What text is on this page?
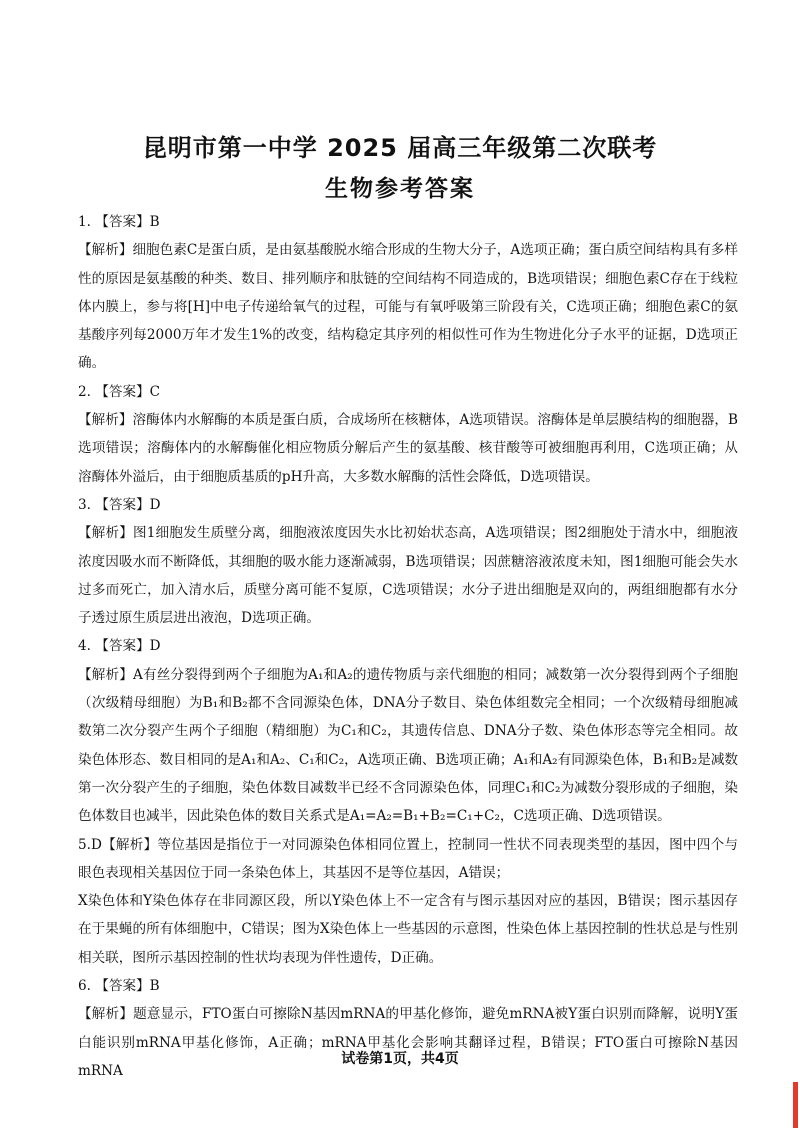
昆明市第一中学 2025 届高三年级第二次联考
生物参考答案

1. 【答案】B

【解析】细胞色素C是蛋白质，是由氨基酸脱水缩合形成的生物大分子，A选项正确；蛋白质空间结构具有多样性的原因是氨基酸的种类、数目、排列顺序和肽链的空间结构不同造成的，B选项错误；细胞色素C存在于线粒体内膜上，参与将[H]中电子传递给氧气的过程，可能与有氧呼吸第三阶段有关，C选项正确；细胞色素C的氨基酸序列每2000万年才发生1%的改变，结构稳定其序列的相似性可作为生物进化分子水平的证据，D选项正确。

2. 【答案】C

【解析】溶酶体内水解酶的本质是蛋白质，合成场所在核糖体，A选项错误。溶酶体是单层膜结构的细胞器，B选项错误；溶酶体内的水解酶催化相应物质分解后产生的氨基酸、核苷酸等可被细胞再利用，C选项正确；从溶酶体外溢后，由于细胞质基质的pH升高，大多数水解酶的活性会降低，D选项错误。

3. 【答案】D

【解析】图1细胞发生质壁分离，细胞液浓度因失水比初始状态高，A选项错误；图2细胞处于清水中，细胞液浓度因吸水而不断降低，其细胞的吸水能力逐渐减弱，B选项错误；因蔗糖溶液浓度未知，图1细胞可能会失水过多而死亡，加入清水后，质壁分离可能不复原，C选项错误；水分子进出细胞是双向的，两组细胞都有水分子透过原生质层进出液泡，D选项正确。

4. 【答案】D

【解析】A有丝分裂得到两个子细胞为A₁和A₂的遗传物质与亲代细胞的相同；减数第一次分裂得到两个子细胞（次级精母细胞）为B₁和B₂都不含同源染色体，DNA分子数目、染色体组数完全相同；一个次级精母细胞减数第二次分裂产生两个子细胞（精细胞）为C₁和C₂，其遗传信息、DNA分子数、染色体形态等完全相同。故染色体形态、数目相同的是A₁和A₂、C₁和C₂，A选项正确、B选项正确；A₁和A₂有同源染色体，B₁和B₂是减数第一次分裂产生的子细胞，染色体数目减数半已经不含同源染色体，同理C₁和C₂为减数分裂形成的子细胞，染色体数目也减半，因此染色体的数目关系式是A₁=A₂=B₁+B₂=C₁+C₂，C选项正确、D选项错误。

5.D【解析】等位基因是指位于一对同源染色体相同位置上，控制同一性状不同表现类型的基因，图中四个与眼色表现相关基因位于同一条染色体上，其基因不是等位基因，A错误；

X染色体和Y染色体存在非同源区段，所以Y染色体上不一定含有与图示基因对应的基因，B错误；图示基因存在于果蝇的所有体细胞中，C错误；图为X染色体上一些基因的示意图，性染色体上基因控制的性状总是与性别相关联，图所示基因控制的性状均表现为伴性遗传，D正确。

6. 【答案】B

【解析】题意显示，FTO蛋白可擦除N基因mRNA的甲基化修饰，避免mRNA被Y蛋白识别而降解，说明Y蛋白能识别mRNA甲基化修饰，A正确；mRNA甲基化会影响其翻译过程，B错误；FTO蛋白可擦除N基因mRNA

试卷第1页，共4页
